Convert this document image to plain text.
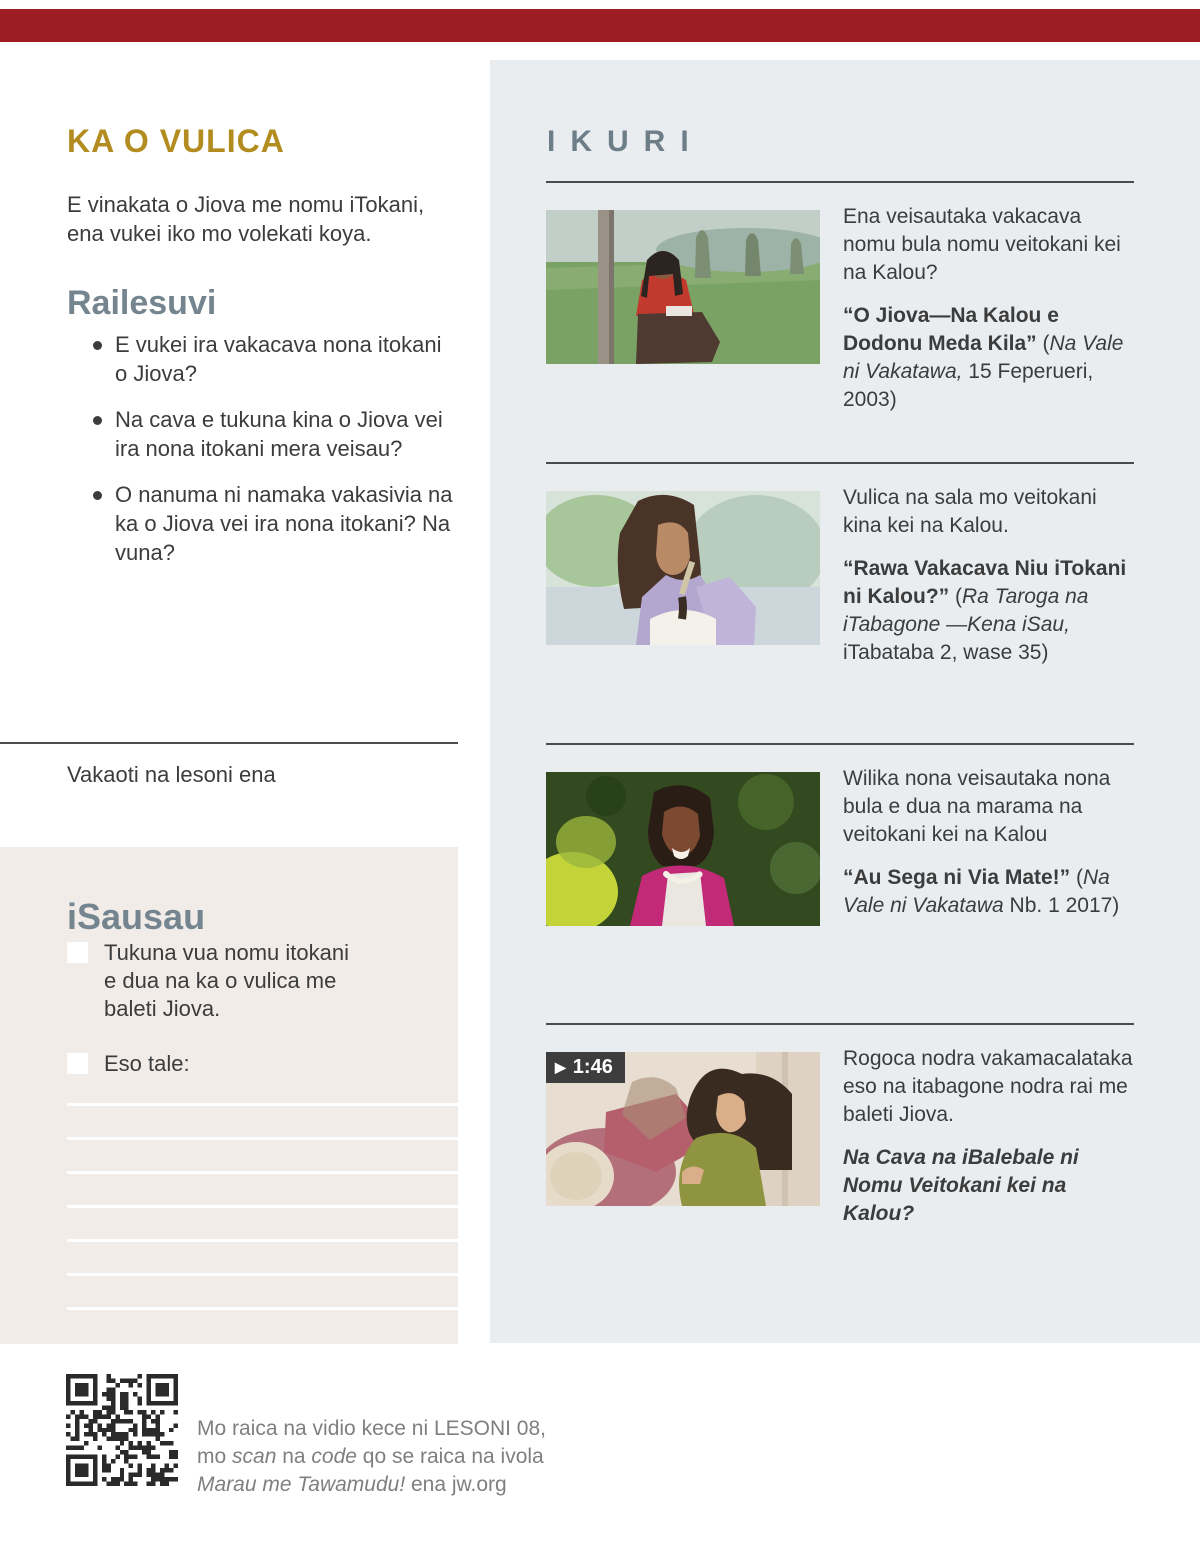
KA O VULICA

E vinakata o Jiova me nomu iTokani, ena vukei iko mo volekati koya.

Railesuvi
E vukei ira vakacava nona itokani o Jiova?
Na cava e tukuna kina o Jiova vei ira nona itokani mera veisau?
O nanuma ni namaka vakasivia na ka o Jiova vei ira nona itokani? Na vuna?
Vakaoti na lesoni ena
iSausau
Tukuna vua nomu itokani e dua na ka o vulica me baleti Jiova.
Eso tale:
IKURI

Ena veisautaka vakacava nomu bula nomu veitokani kei na Kalou?

“O Jiova—Na Kalou e Dodonu Meda Kila” (Na Vale ni Vakatawa, 15 Feperueri, 2003)

Vulica na sala mo veitokani kina kei na Kalou.

“Rawa Vakacava Niu iTokani ni Kalou?” (Ra Taroga na iTabagone —Kena iSau, iTabataba 2, wase 35)

Wilika nona veisautaka nona bula e dua na marama na veitokani kei na Kalou

“Au Sega ni Via Mate!” (Na Vale ni Vakatawa Nb. 1 2017)

▶ 1:46	Rogoca nodra vakamacalataka eso na itabagone nodra rai me baleti Jiova.

Na Cava na iBalebale ni Nomu Veitokani kei na Kalou?

Mo raica na vidio kece ni LESONI 08,
mo scan na code qo se raica na ivola
Marau me Tawamudu! ena jw.org
